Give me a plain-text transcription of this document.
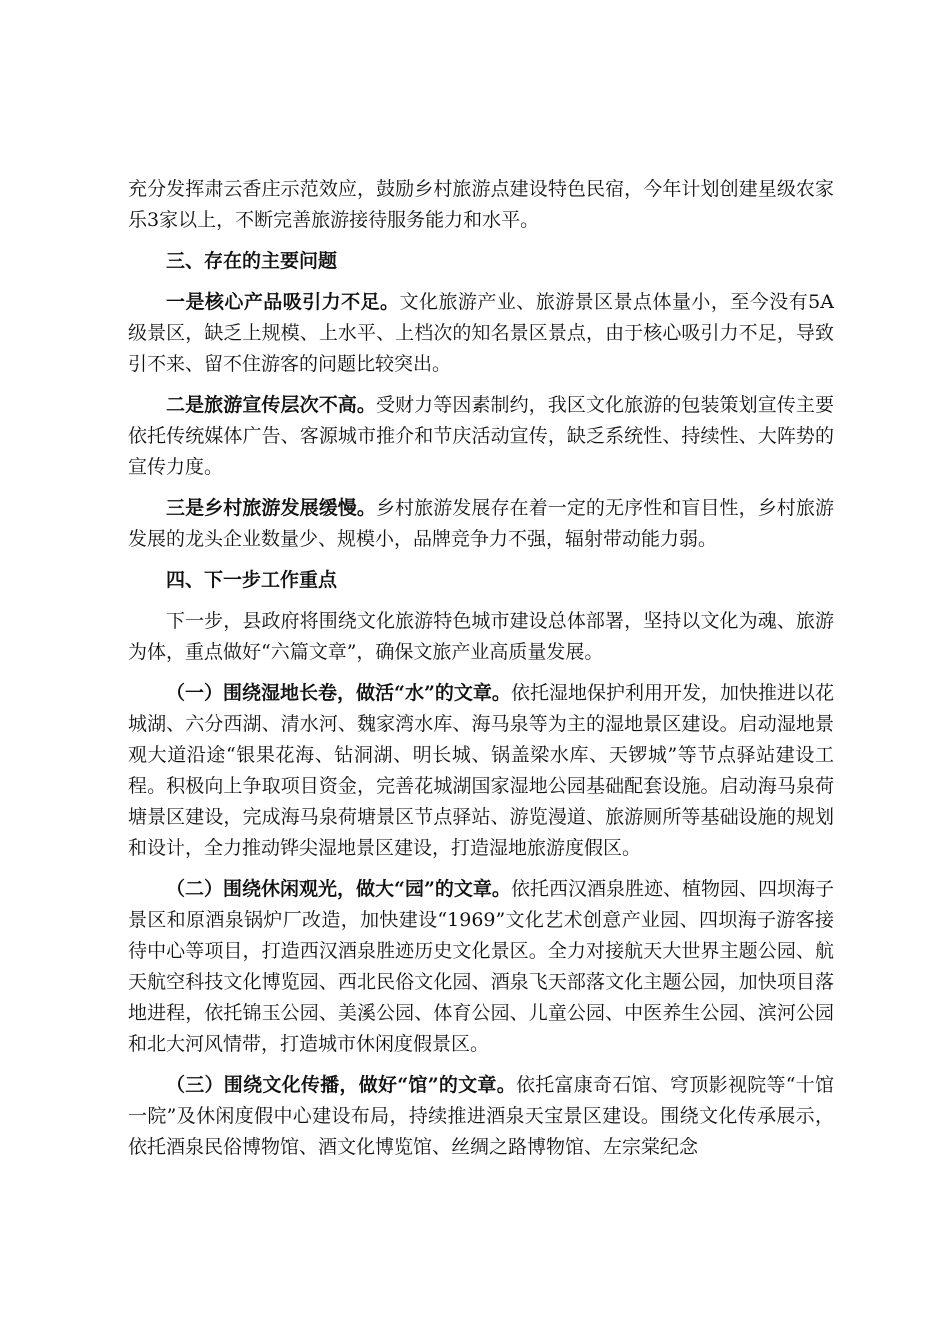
充分发挥肃云香庄示范效应，鼓励乡村旅游点建设特色民宿，今年计划创建星级农家乐3家以上，不断完善旅游接待服务能力和水平。

三、存在的主要问题

一是核心产品吸引力不足。文化旅游产业、旅游景区景点体量小，至今没有5A级景区，缺乏上规模、上水平、上档次的知名景区景点，由于核心吸引力不足，导致引不来、留不住游客的问题比较突出。

二是旅游宣传层次不高。受财力等因素制约，我区文化旅游的包装策划宣传主要依托传统媒体广告、客源城市推介和节庆活动宣传，缺乏系统性、持续性、大阵势的宣传力度。

三是乡村旅游发展缓慢。乡村旅游发展存在着一定的无序性和盲目性，乡村旅游发展的龙头企业数量少、规模小，品牌竞争力不强，辐射带动能力弱。

四、下一步工作重点

下一步，县政府将围绕文化旅游特色城市建设总体部署，坚持以文化为魂、旅游为体，重点做好“六篇文章”，确保文旅产业高质量发展。

（一）围绕湿地长卷，做活“水”的文章。依托湿地保护利用开发，加快推进以花城湖、六分西湖、清水河、魏家湾水库、海马泉等为主的湿地景区建设。启动湿地景观大道沿途“银果花海、钻洞湖、明长城、锅盖梁水库、天锣城”等节点驿站建设工程。积极向上争取项目资金，完善花城湖国家湿地公园基础配套设施。启动海马泉荷塘景区建设，完成海马泉荷塘景区节点驿站、游览漫道、旅游厕所等基础设施的规划和设计，全力推动铧尖湿地景区建设，打造湿地旅游度假区。

（二）围绕休闲观光，做大“园”的文章。依托西汉酒泉胜迹、植物园、四坝海子景区和原酒泉锅炉厂改造，加快建设“1969”文化艺术创意产业园、四坝海子游客接待中心等项目，打造西汉酒泉胜迹历史文化景区。全力对接航天大世界主题公园、航天航空科技文化博览园、西北民俗文化园、酒泉飞天部落文化主题公园，加快项目落地进程，依托锦玉公园、美溪公园、体育公园、儿童公园、中医养生公园、滨河公园和北大河风情带，打造城市休闲度假景区。

（三）围绕文化传播，做好“馆”的文章。依托富康奇石馆、穹顶影视院等“十馆一院”及休闲度假中心建设布局，持续推进酒泉天宝景区建设。围绕文化传承展示，依托酒泉民俗博物馆、酒文化博览馆、丝绸之路博物馆、左宗棠纪念
